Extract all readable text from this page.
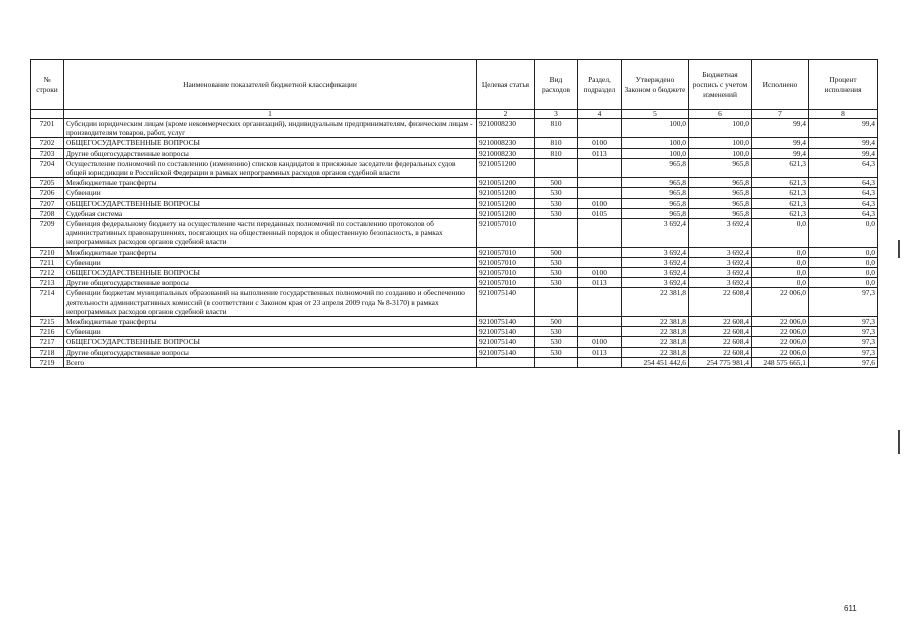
№ строки	Наименование показателей бюджетной классификации	Целевая статья	Вид расходов	Раздел, подраздел	Утверждено Законом о бюджете	Бюджетная роспись с учетом изменений	Исполнено	Процент исполнения
	1	2	3	4	5	6	7	8
7201	Субсидии юридическим лицам (кроме некоммерческих организаций), индивидуальным предпринимателям, физическим лицам - производителям товаров, работ, услуг	9210008230	810		100,0	100,0	99,4	99,4
7202	ОБЩЕГОСУДАРСТВЕННЫЕ ВОПРОСЫ	9210008230	810	0100	100,0	100,0	99,4	99,4
7203	Другие общегосударственные вопросы	9210008230	810	0113	100,0	100,0	99,4	99,4
7204	Осуществление полномочий по составлению (изменению) списков кандидатов в присяжные заседатели федеральных судов общей юрисдикции в Российской Федерации в рамках непрограммных расходов органов судебной власти	9210051200			965,8	965,8	621,3	64,3
7205	Межбюджетные трансферты	9210051200	500		965,8	965,8	621,3	64,3
7206	Субвенции	9210051200	530		965,8	965,8	621,3	64,3
7207	ОБЩЕГОСУДАРСТВЕННЫЕ ВОПРОСЫ	9210051200	530	0100	965,8	965,8	621,3	64,3
7208	Судебная система	9210051200	530	0105	965,8	965,8	621,3	64,3
7209	Субвенция федеральному бюджету на осуществление части переданных полномочий по составлению протоколов об административных правонарушениях, посягающих на общественный порядок и общественную безопасность, в рамках непрограммных расходов органов судебной власти	9210057010			3 692,4	3 692,4	0,0	0,0
7210	Межбюджетные трансферты	9210057010	500		3 692,4	3 692,4	0,0	0,0
7211	Субвенции	9210057010	530		3 692,4	3 692,4	0,0	0,0
7212	ОБЩЕГОСУДАРСТВЕННЫЕ ВОПРОСЫ	9210057010	530	0100	3 692,4	3 692,4	0,0	0,0
7213	Другие общегосударственные вопросы	9210057010	530	0113	3 692,4	3 692,4	0,0	0,0
7214	Субвенции бюджетам муниципальных образований на выполнение государственных полномочий по созданию и обеспечению деятельности административных комиссий (в соответствии с Законом края от 23 апреля 2009 года № 8-3170) в рамках непрограммных расходов органов судебной власти	9210075140			22 381,8	22 608,4	22 006,0	97,3
7215	Межбюджетные трансферты	9210075140	500		22 381,8	22 608,4	22 006,0	97,3
7216	Субвенции	9210075140	530		22 381,8	22 608,4	22 006,0	97,3
7217	ОБЩЕГОСУДАРСТВЕННЫЕ ВОПРОСЫ	9210075140	530	0100	22 381,8	22 608,4	22 006,0	97,3
7218	Другие общегосударственные вопросы	9210075140	530	0113	22 381,8	22 608,4	22 006,0	97,3
7219	Всего				254 451 442,6	254 775 981,4	248 575 665,1	97,6
611
